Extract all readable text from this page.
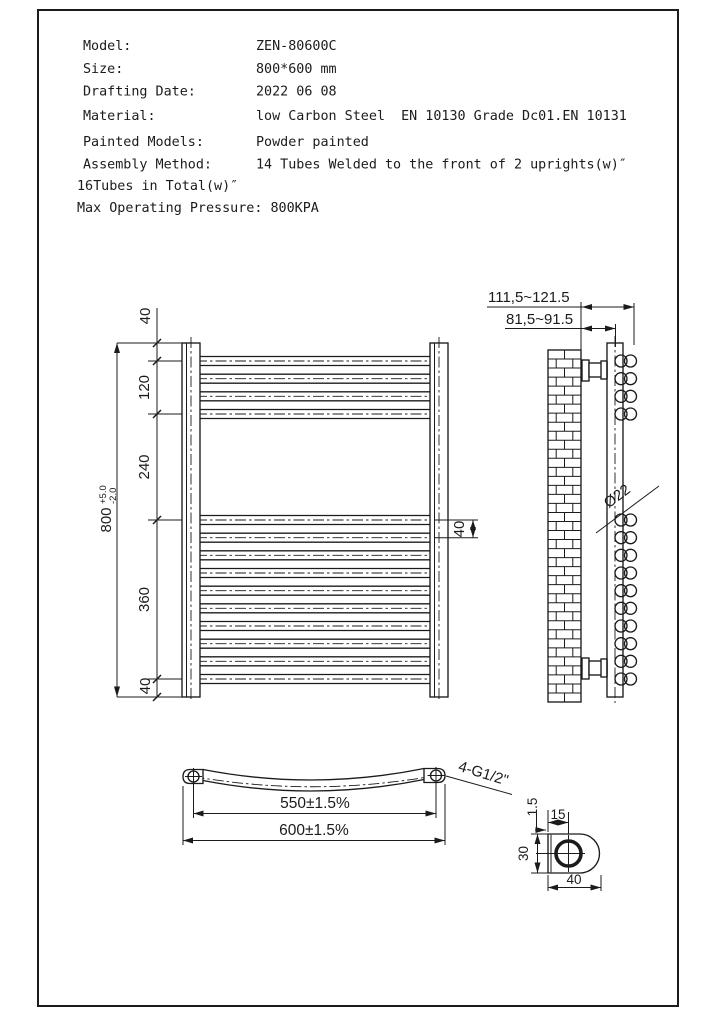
Model:	ZEN-80600C
Size:	800*600 mm
Drafting Date:	2022 06 08
Material:	low Carbon Steel  EN 10130 Grade Dc01.EN 10131
Painted Models:	Powder painted
Assembly Method:	14 Tubes Welded to the front of 2 uprights(w)″
16Tubes in Total(w)″
Max Operating Pressure: 800KPA
800
+5.0 -2.0
40
120
240
360
40
40
111,5~121.5
81,5~91.5
Ø22
4-G1/2"
550±1.5%
600±1.5%
15
1.5
30
40
